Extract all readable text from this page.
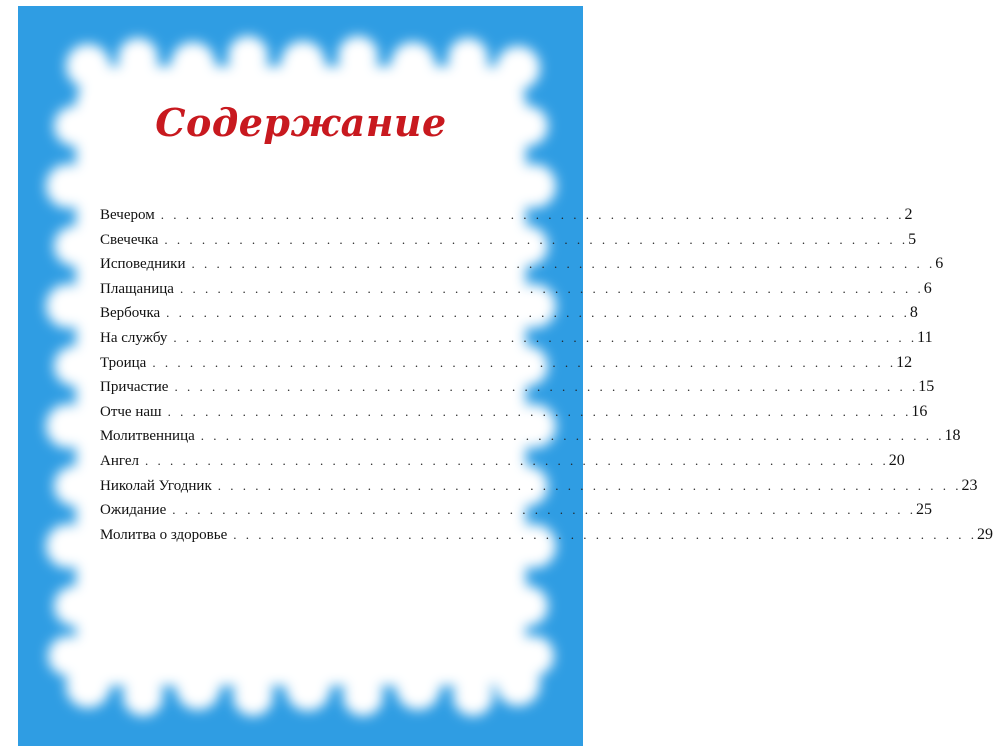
Содержание
Вечером . . . . . . . . . . . . . . . . . . . . . . . . . . . . . . . . . . . . . . . . . . . . . . . . . . . . . . . . . . . . 2
Свечечка . . . . . . . . . . . . . . . . . . . . . . . . . . . . . . . . . . . . . . . . . . . . . . . . . . . . . . . . . . . . 5
Исповедники . . . . . . . . . . . . . . . . . . . . . . . . . . . . . . . . . . . . . . . . . . . . . . . . . . . . . . . . . . . . 6
Плащаница . . . . . . . . . . . . . . . . . . . . . . . . . . . . . . . . . . . . . . . . . . . . . . . . . . . . . . . . . . . . 6
Вербочка . . . . . . . . . . . . . . . . . . . . . . . . . . . . . . . . . . . . . . . . . . . . . . . . . . . . . . . . . . . . 8
На службу . . . . . . . . . . . . . . . . . . . . . . . . . . . . . . . . . . . . . . . . . . . . . . . . . . . . . . . . . . . . 11
Троица . . . . . . . . . . . . . . . . . . . . . . . . . . . . . . . . . . . . . . . . . . . . . . . . . . . . . . . . . . . . 12
Причастие . . . . . . . . . . . . . . . . . . . . . . . . . . . . . . . . . . . . . . . . . . . . . . . . . . . . . . . . . . . . 15
Отче наш . . . . . . . . . . . . . . . . . . . . . . . . . . . . . . . . . . . . . . . . . . . . . . . . . . . . . . . . . . . . 16
Молитвенница . . . . . . . . . . . . . . . . . . . . . . . . . . . . . . . . . . . . . . . . . . . . . . . . . . . . . . . . . . . . 18
Ангел . . . . . . . . . . . . . . . . . . . . . . . . . . . . . . . . . . . . . . . . . . . . . . . . . . . . . . . . . . . . 20
Николай Угодник . . . . . . . . . . . . . . . . . . . . . . . . . . . . . . . . . . . . . . . . . . . . . . . . . . . . . . . . . . . . 23
Ожидание . . . . . . . . . . . . . . . . . . . . . . . . . . . . . . . . . . . . . . . . . . . . . . . . . . . . . . . . . . . . 25
Молитва о здоровье . . . . . . . . . . . . . . . . . . . . . . . . . . . . . . . . . . . . . . . . . . . . . . . . . . . . . . . . . . . . 29
